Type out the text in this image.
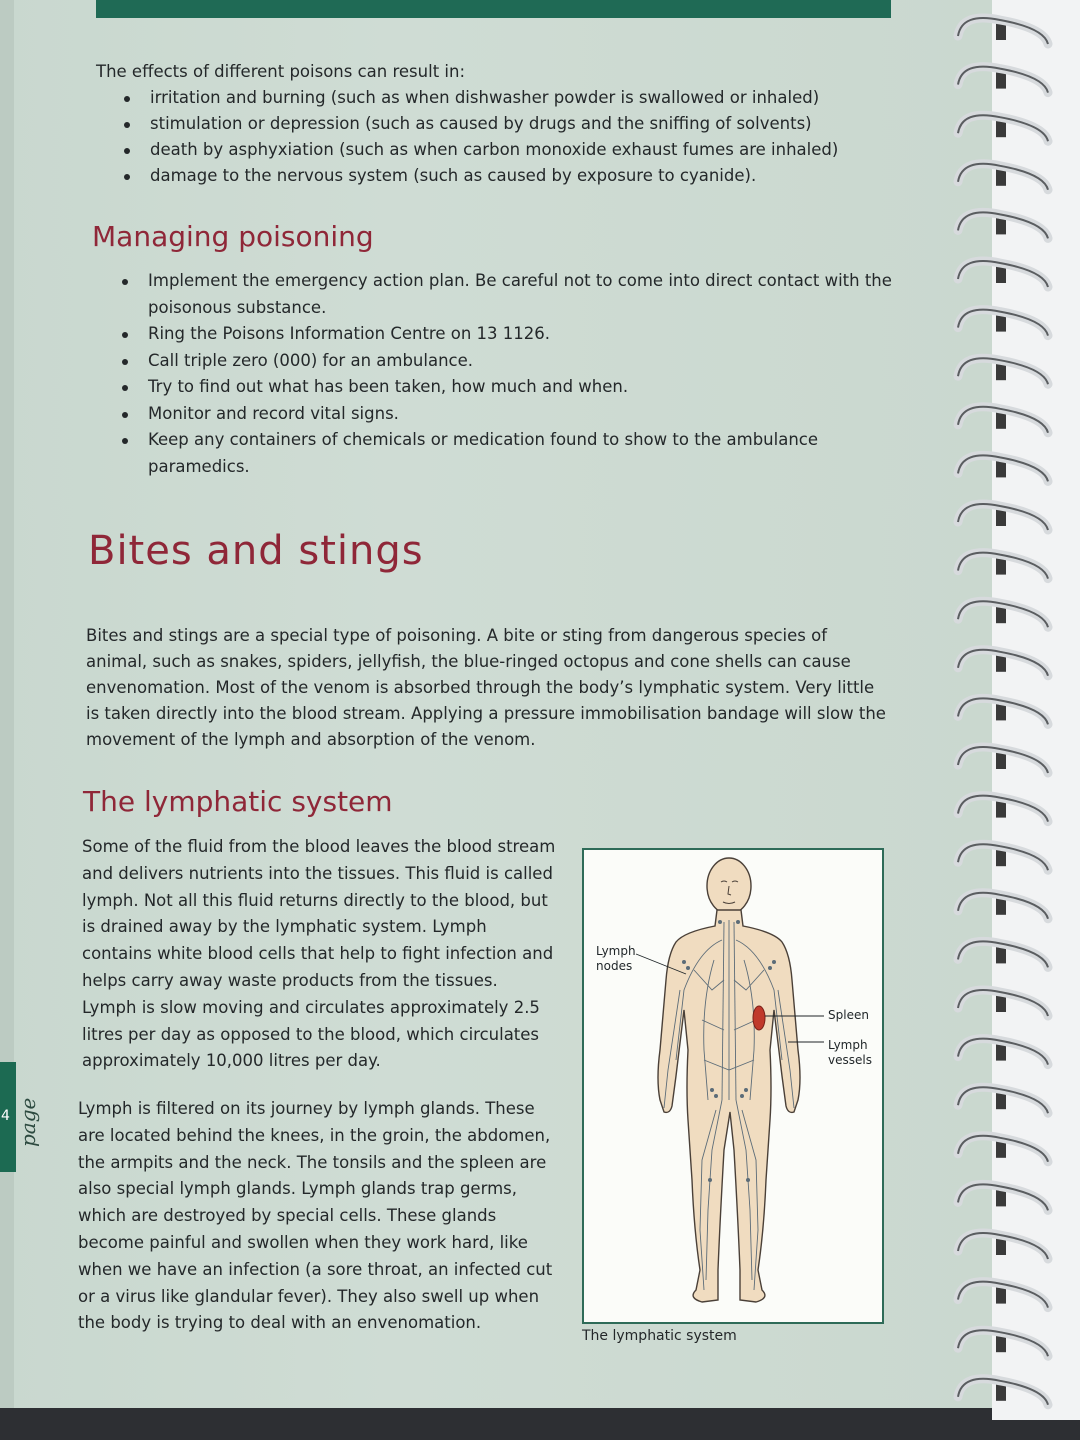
4 page
The effects of different poisons can result in:
irritation and burning (such as when dishwasher powder is swallowed or inhaled)
stimulation or depression (such as caused by drugs and the sniffing of solvents)
death by asphyxiation (such as when carbon monoxide exhaust fumes are inhaled)
damage to the nervous system (such as caused by exposure to cyanide).
Managing poisoning
Implement the emergency action plan. Be careful not to come into direct contact with the poisonous substance.
Ring the Poisons Information Centre on 13 1126.
Call triple zero (000) for an ambulance.
Try to find out what has been taken, how much and when.
Monitor and record vital signs.
Keep any containers of chemicals or medication found to show to the ambulance paramedics.
Bites and stings

Bites and stings are a special type of poisoning. A bite or sting from dangerous species of animal, such as snakes, spiders, jellyfish, the blue-ringed octopus and cone shells can cause envenomation. Most of the venom is absorbed through the body’s lymphatic system. Very little is taken directly into the blood stream. Applying a pressure immobilisation bandage will slow the movement of the lymph and absorption of the venom.

The lymphatic system

Some of the fluid from the blood leaves the blood stream and delivers nutrients into the tissues. This fluid is called lymph. Not all this fluid returns directly to the blood, but is drained away by the lymphatic system. Lymph contains white blood cells that help to fight infection and helps carry away waste products from the tissues. Lymph is slow moving and circulates approximately 2.5 litres per day as opposed to the blood, which circulates approximately 10,000 litres per day.

Lymph is filtered on its journey by lymph glands. These are located behind the knees, in the groin, the abdomen, the armpits and the neck. The tonsils and the spleen are also special lymph glands. Lymph glands trap germs, which are destroyed by special cells. These glands become painful and swollen when they work hard, like when we have an infection (a sore throat, an infected cut or a virus like glandular fever). They also swell up when the body is trying to deal with an envenomation.

Lymph
nodes
Spleen
Lymph
vessels
The lymphatic system
